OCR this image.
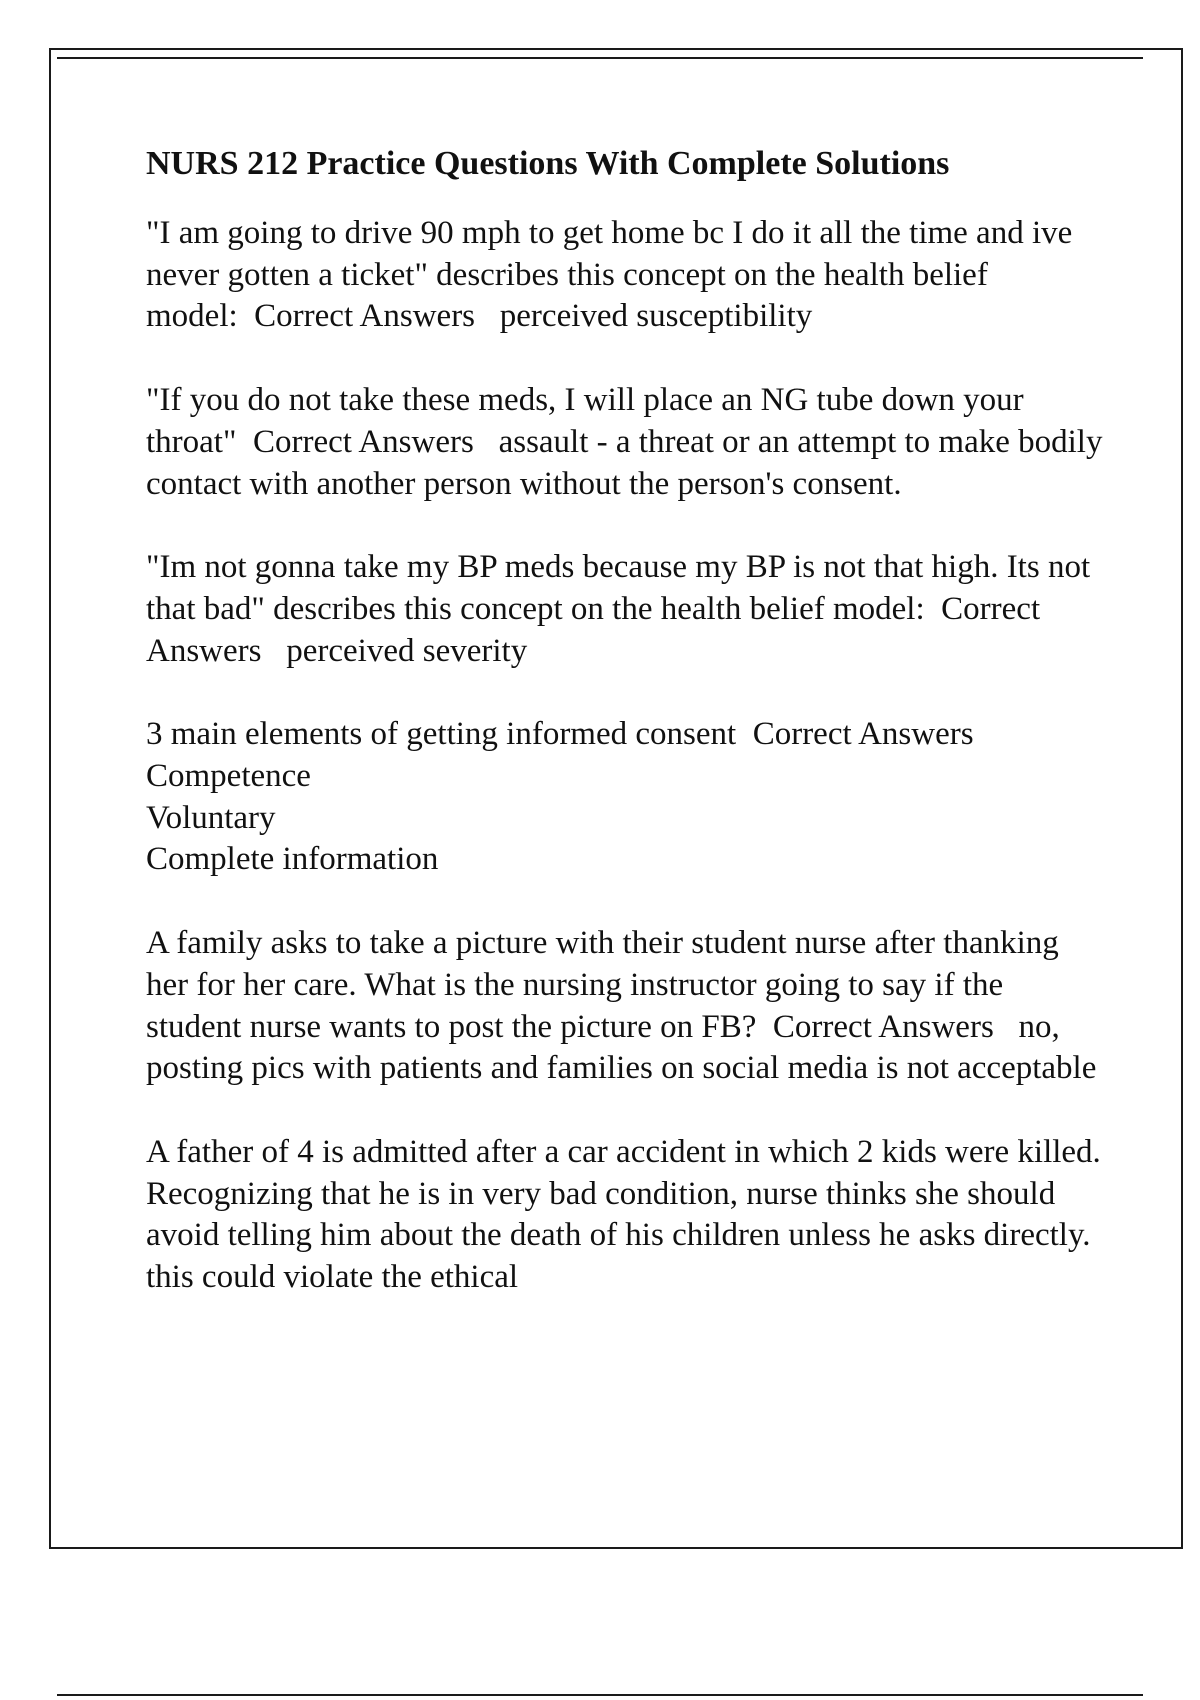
NURS 212 Practice Questions With Complete Solutions

"I am going to drive 90 mph to get home bc I do it all the time and ive never gotten a ticket" describes this concept on the health belief model: Correct Answers perceived susceptibility

"If you do not take these meds, I will place an NG tube down your throat" Correct Answers assault - a threat or an attempt to make bodily contact with another person without the person's consent.

"Im not gonna take my BP meds because my BP is not that high. Its not that bad" describes this concept on the health belief model: Correct Answers perceived severity

3 main elements of getting informed consent Correct Answers
Competence
Voluntary
Complete information

A family asks to take a picture with their student nurse after thanking her for her care. What is the nursing instructor going to say if the student nurse wants to post the picture on FB? Correct Answers no, posting pics with patients and families on social media is not acceptable

A father of 4 is admitted after a car accident in which 2 kids were killed. Recognizing that he is in very bad condition, nurse thinks she should avoid telling him about the death of his children unless he asks directly. this could violate the ethical
